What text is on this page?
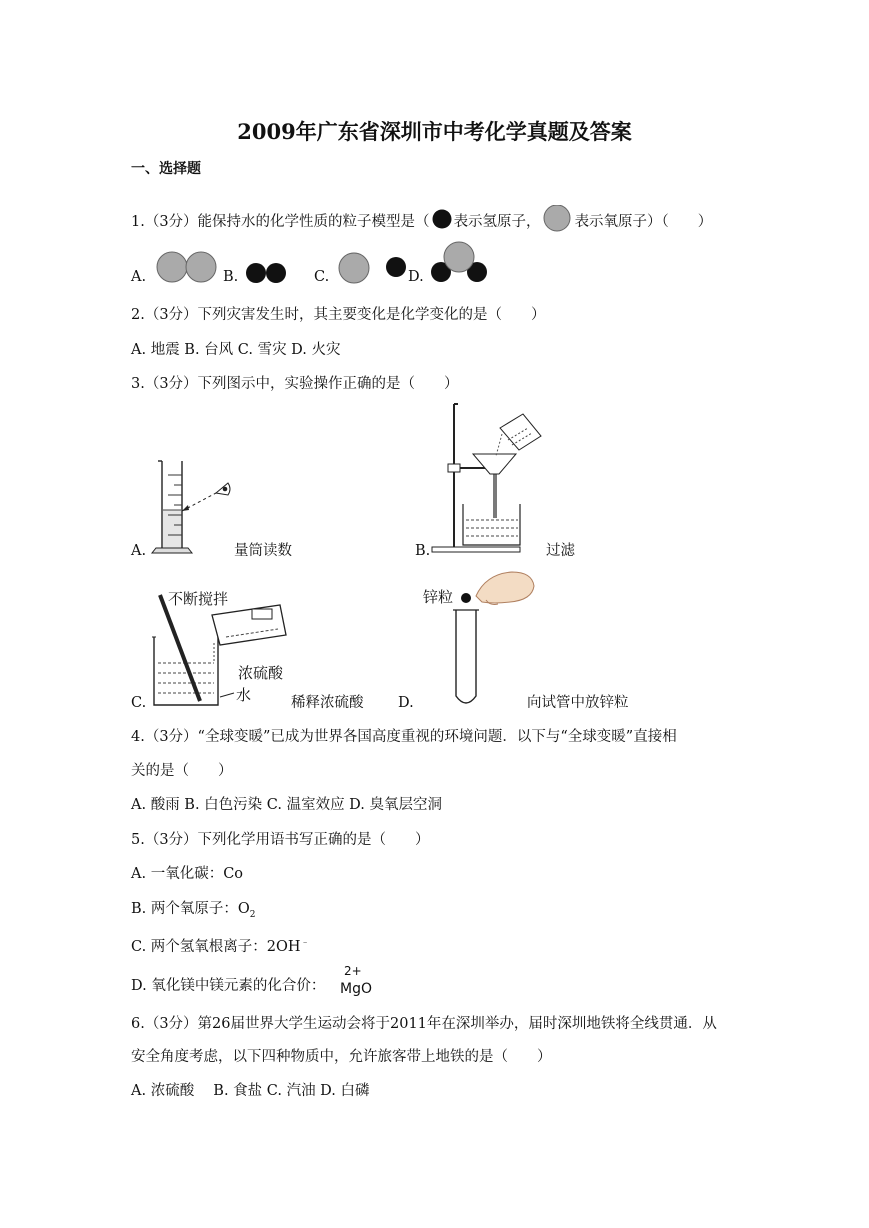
2009年广东省深圳市中考化学真题及答案
一、选择题
1.（3分）能保持水的化学性质的粒子模型是（ 表示氢原子， 表示氧原子）（　　）
A.	B.	C.	D.
2.（3分）下列灾害发生时，其主要变化是化学变化的是（　　）
A. 地震 B. 台风 C. 雪灾 D. 火灾
3.（3分）下列图示中，实验操作正确的是（　　）
A.	量筒读数	B.	过滤
C.
不断搅拌
浓硫酸
水	稀释浓硫酸 D.
锌粒
向试管中放锌粒
4.（3分）“全球变暖”已成为世界各国高度重视的环境问题．以下与“全球变暖”直接相
关的是（　　）
A. 酸雨 B. 白色污染 C. 温室效应 D. 臭氧层空洞
5.（3分）下列化学用语书写正确的是（　　）
A. 一氧化碳：Co
B. 两个氧原子：$O_2$
C. 两个氢氧根离子：2OH﹣
D. 氧化镁中镁元素的化合价：
2+
MgO
6.（3分）第26届世界大学生运动会将于2011年在深圳举办，届时深圳地铁将全线贯通．从
安全角度考虑，以下四种物质中，允许旅客带上地铁的是（　　）
A. 浓硫酸　 B. 食盐 C. 汽油 D. 白磷
